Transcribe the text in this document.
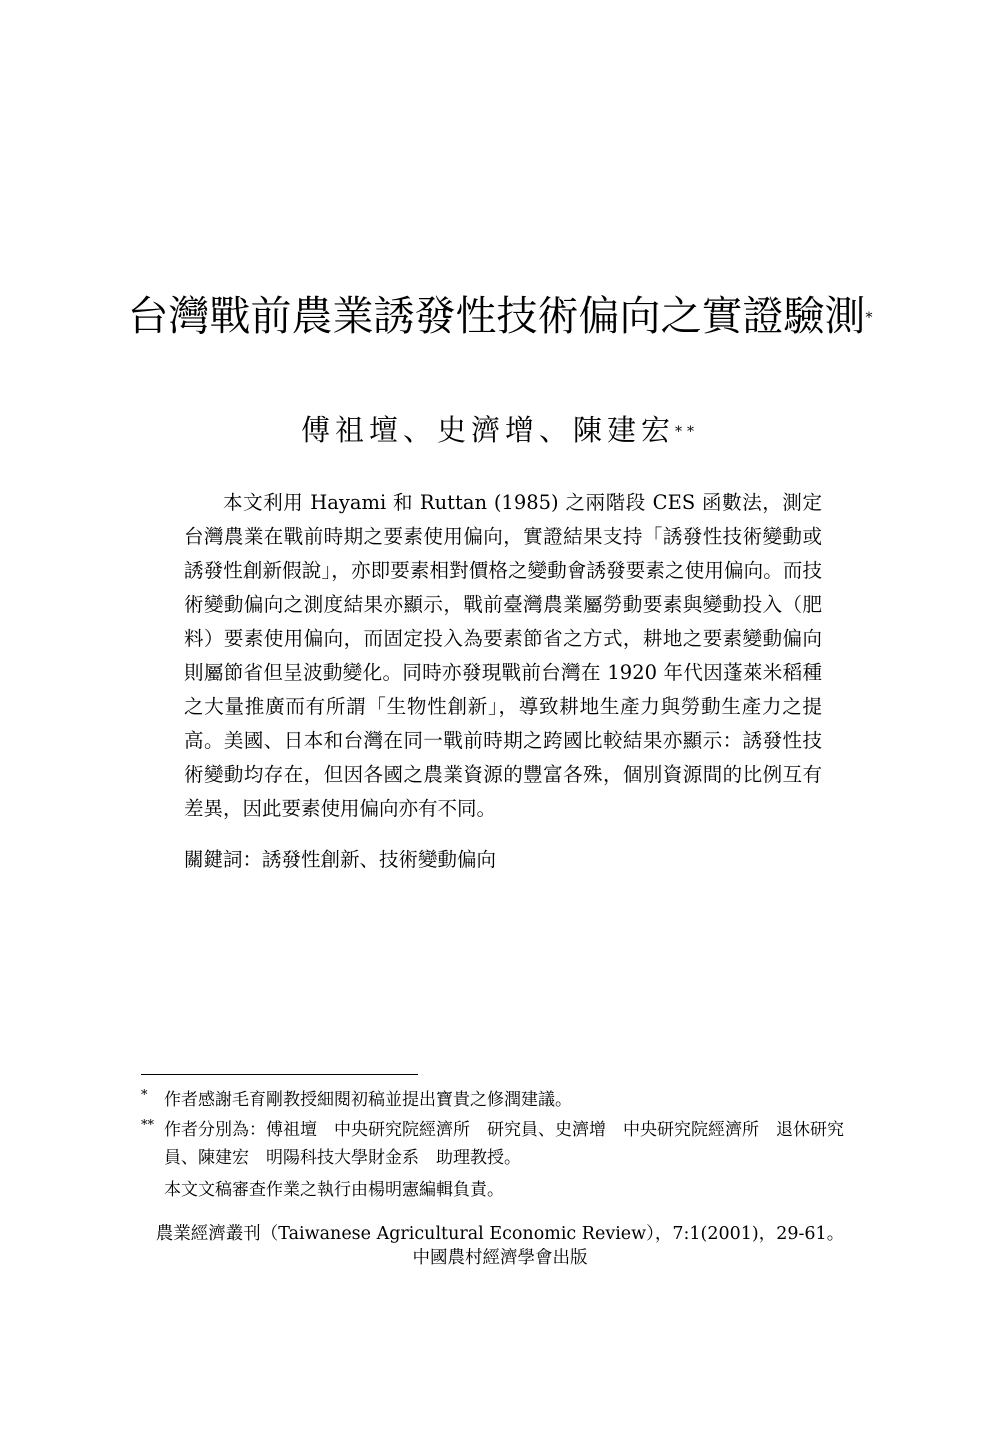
台灣戰前農業誘發性技術偏向之實證驗測*
傅祖壇、史濟增、陳建宏**

本文利用 Hayami 和 Ruttan (1985) 之兩階段 CES 函數法，測定台灣農業在戰前時期之要素使用偏向，實證結果支持「誘發性技術變動或誘發性創新假說」，亦即要素相對價格之變動會誘發要素之使用偏向。而技術變動偏向之測度結果亦顯示，戰前臺灣農業屬勞動要素與變動投入（肥料）要素使用偏向，而固定投入為要素節省之方式，耕地之要素變動偏向則屬節省但呈波動變化。同時亦發現戰前台灣在 1920 年代因蓬萊米稻種之大量推廣而有所謂「生物性創新」，導致耕地生產力與勞動生產力之提高。美國、日本和台灣在同一戰前時期之跨國比較結果亦顯示：誘發性技術變動均存在，但因各國之農業資源的豐富各殊，個別資源間的比例互有差異，因此要素使用偏向亦有不同。

關鍵詞：誘發性創新、技術變動偏向
* 作者感謝毛育剛教授細閱初稿並提出寶貴之修潤建議。
** 作者分別為：傅祖壇　中央研究院經濟所　研究員、史濟增　中央研究院經濟所　退休研究員、陳建宏　明陽科技大學財金系　助理教授。
本文文稿審查作業之執行由楊明憲編輯負責。
農業經濟叢刊（Taiwanese Agricultural Economic Review），7:1(2001)，29-61。
中國農村經濟學會出版
